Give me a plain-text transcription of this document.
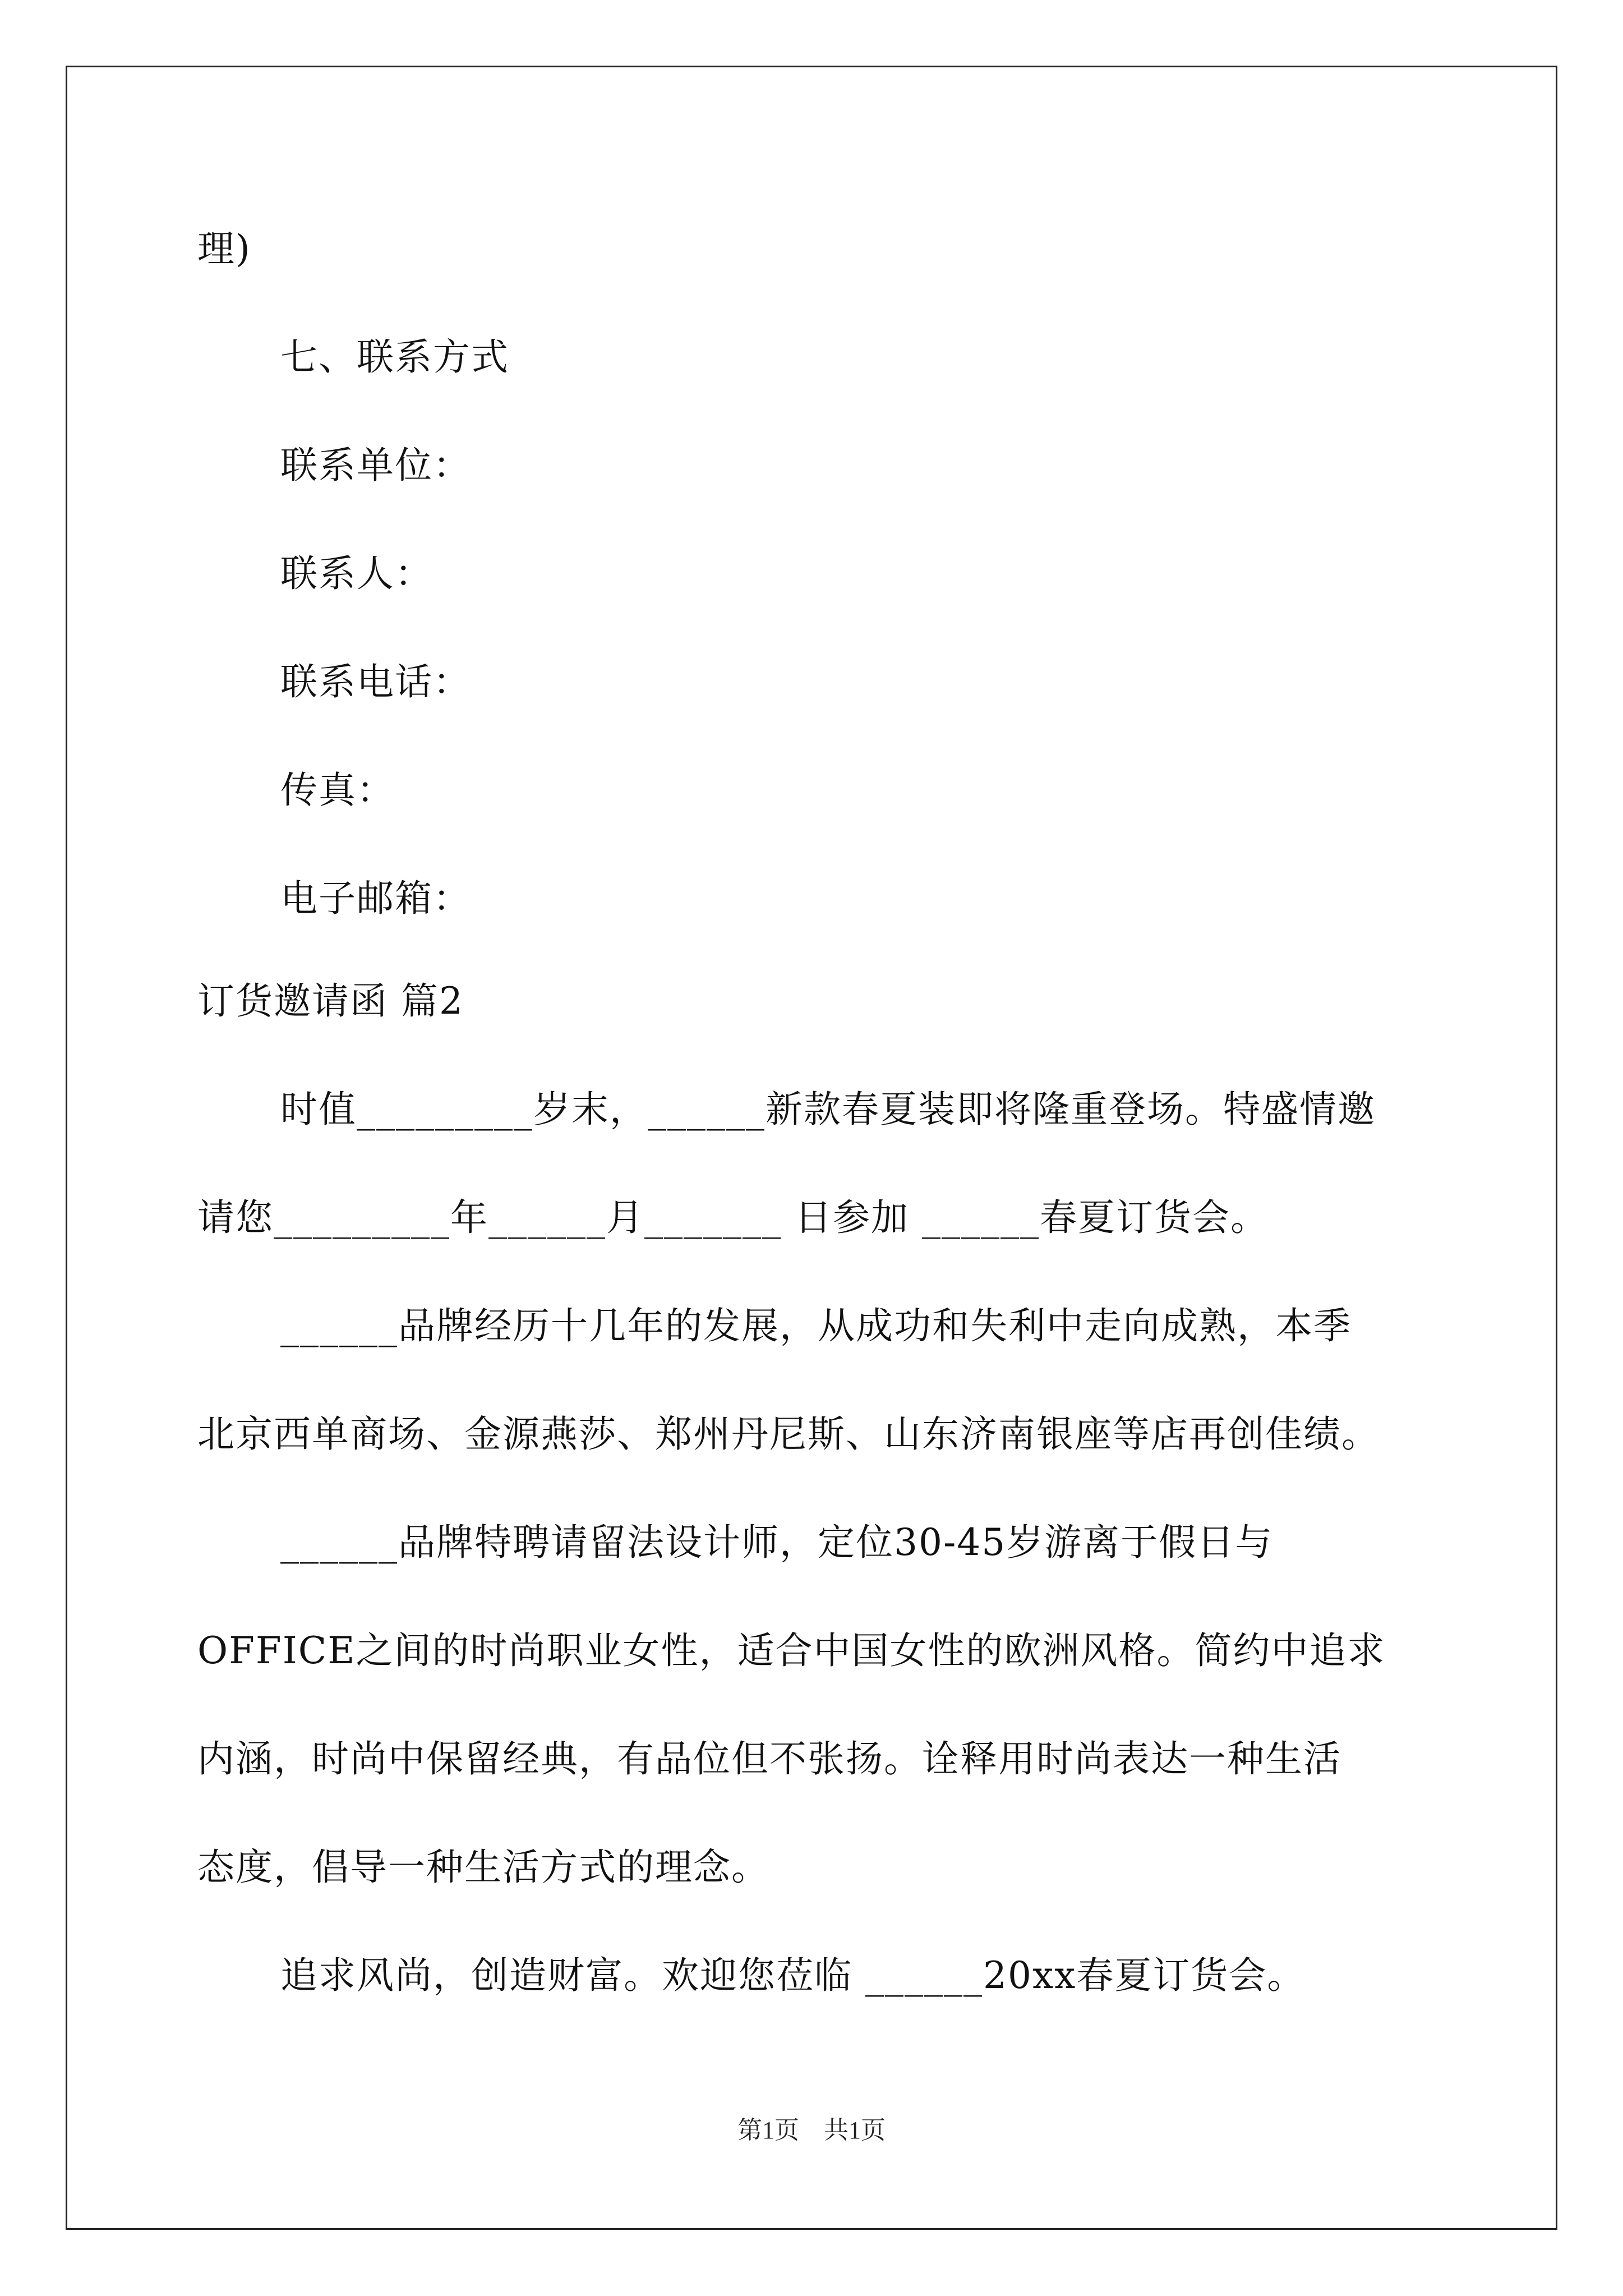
理)
七、联系方式
联系单位：
联系人：
联系电话：
传真：
电子邮箱：
订货邀请函 篇2
时值_________岁末，______新款春夏装即将隆重登场。特盛情邀
请您_________年______月_______ 日参加 ______春夏订货会。
______品牌经历十几年的发展，从成功和失利中走向成熟，本季
北京西单商场、金源燕莎、郑州丹尼斯、山东济南银座等店再创佳绩。
______品牌特聘请留法设计师，定位30-45岁游离于假日与
OFFICE之间的时尚职业女性，适合中国女性的欧洲风格。简约中追求
内涵，时尚中保留经典，有品位但不张扬。诠释用时尚表达一种生活
态度，倡导一种生活方式的理念。
追求风尚，创造财富。欢迎您莅临 ______20xx春夏订货会。
第1页　共1页
